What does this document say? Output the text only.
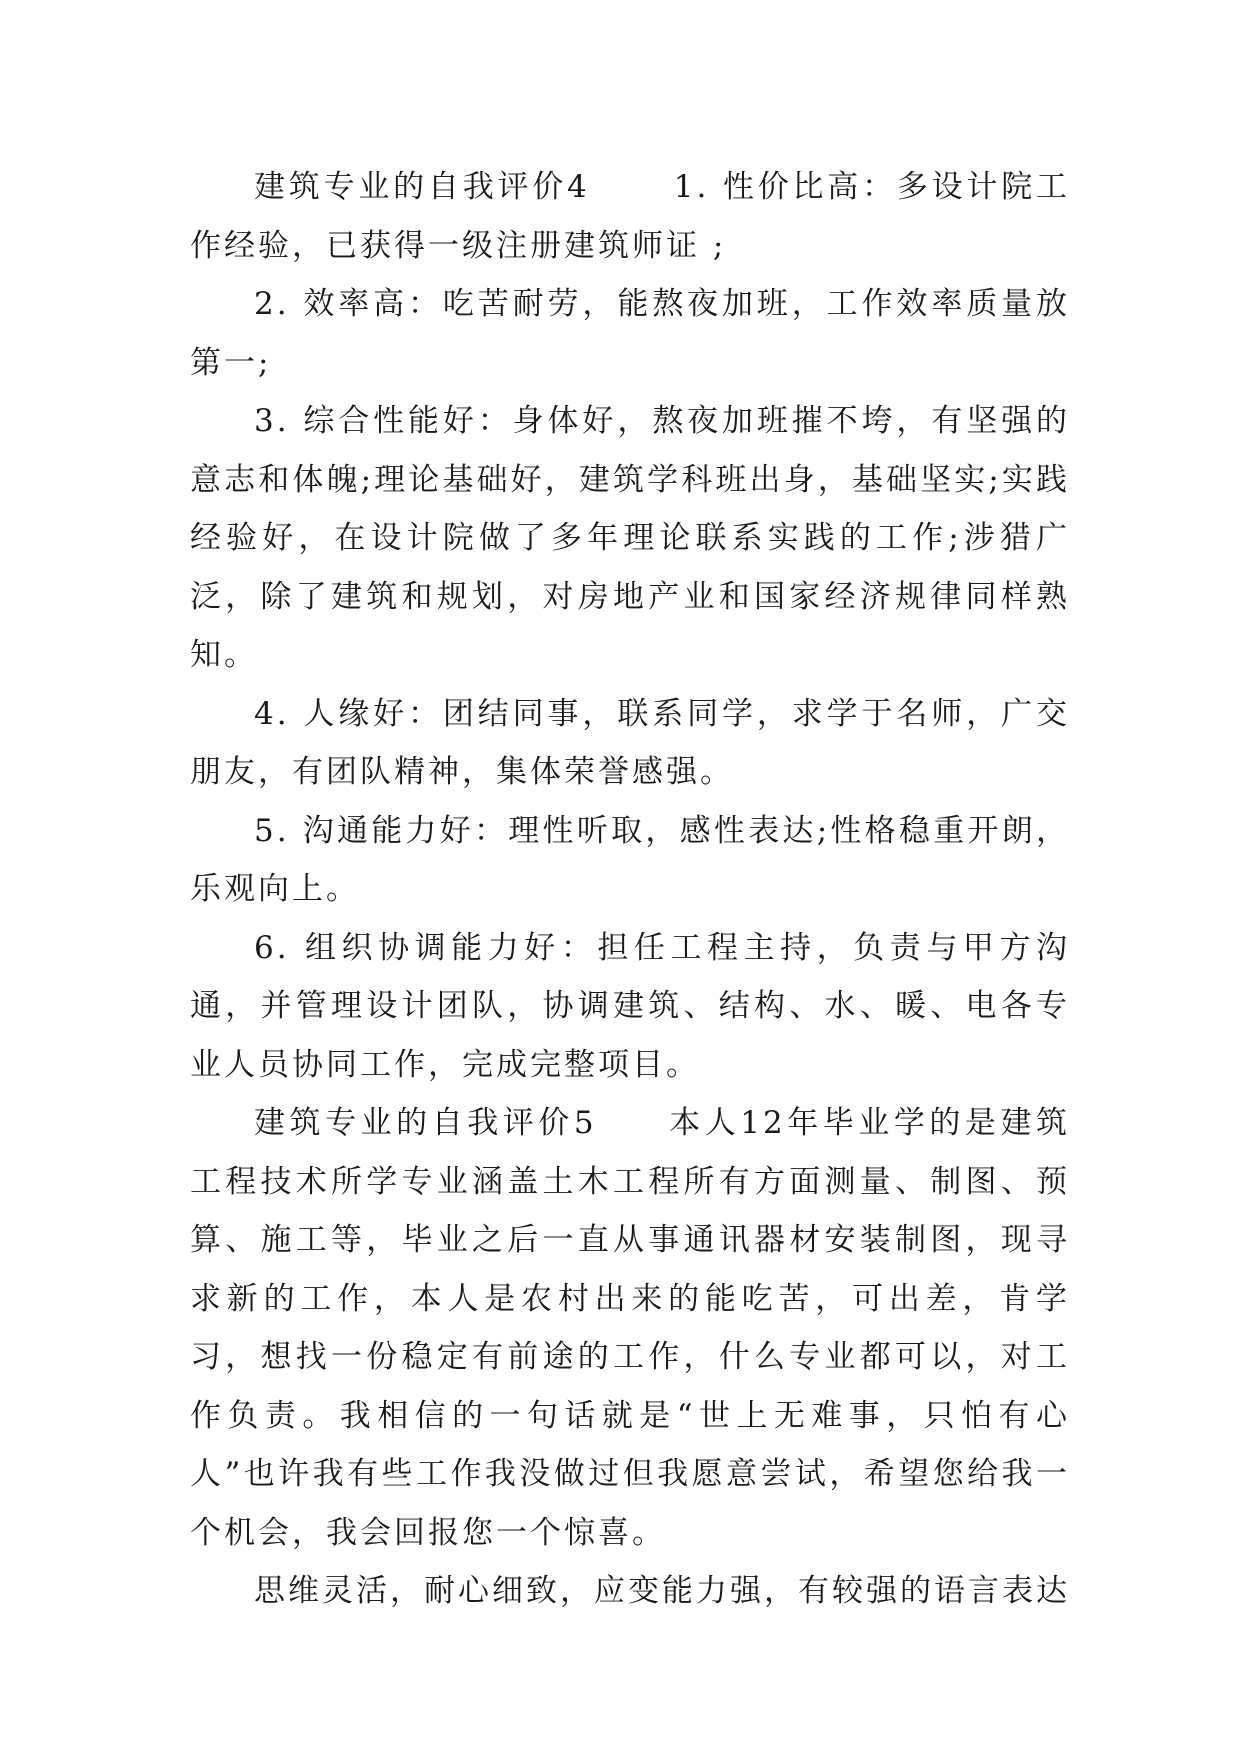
建筑专业的自我评价4　　 1. 性价比高：多设计院工作经验，已获得一级注册建筑师证 ;

2. 效率高：吃苦耐劳，能熬夜加班，工作效率质量放第一;

3. 综合性能好：身体好，熬夜加班摧不垮，有坚强的意志和体魄;理论基础好，建筑学科班出身，基础坚实;实践经验好，在设计院做了多年理论联系实践的工作;涉猎广泛，除了建筑和规划，对房地产业和国家经济规律同样熟知。

4. 人缘好：团结同事，联系同学，求学于名师，广交朋友，有团队精神，集体荣誉感强。

5. 沟通能力好：理性听取，感性表达;性格稳重开朗，乐观向上。

6. 组织协调能力好：担任工程主持，负责与甲方沟通，并管理设计团队，协调建筑、结构、水、暖、电各专业人员协同工作，完成完整项目。

建筑专业的自我评价5　　本人12年毕业学的是建筑工程技术所学专业涵盖土木工程所有方面测量、制图、预算、施工等，毕业之后一直从事通讯器材安装制图，现寻求新的工作，本人是农村出来的能吃苦，可出差，肯学习，想找一份稳定有前途的工作，什么专业都可以，对工作负责。我相信的一句话就是“世上无难事，只怕有心人”也许我有些工作我没做过但我愿意尝试，希望您给我一个机会，我会回报您一个惊喜。

思维灵活，耐心细致，应变能力强，有较强的语言表达
